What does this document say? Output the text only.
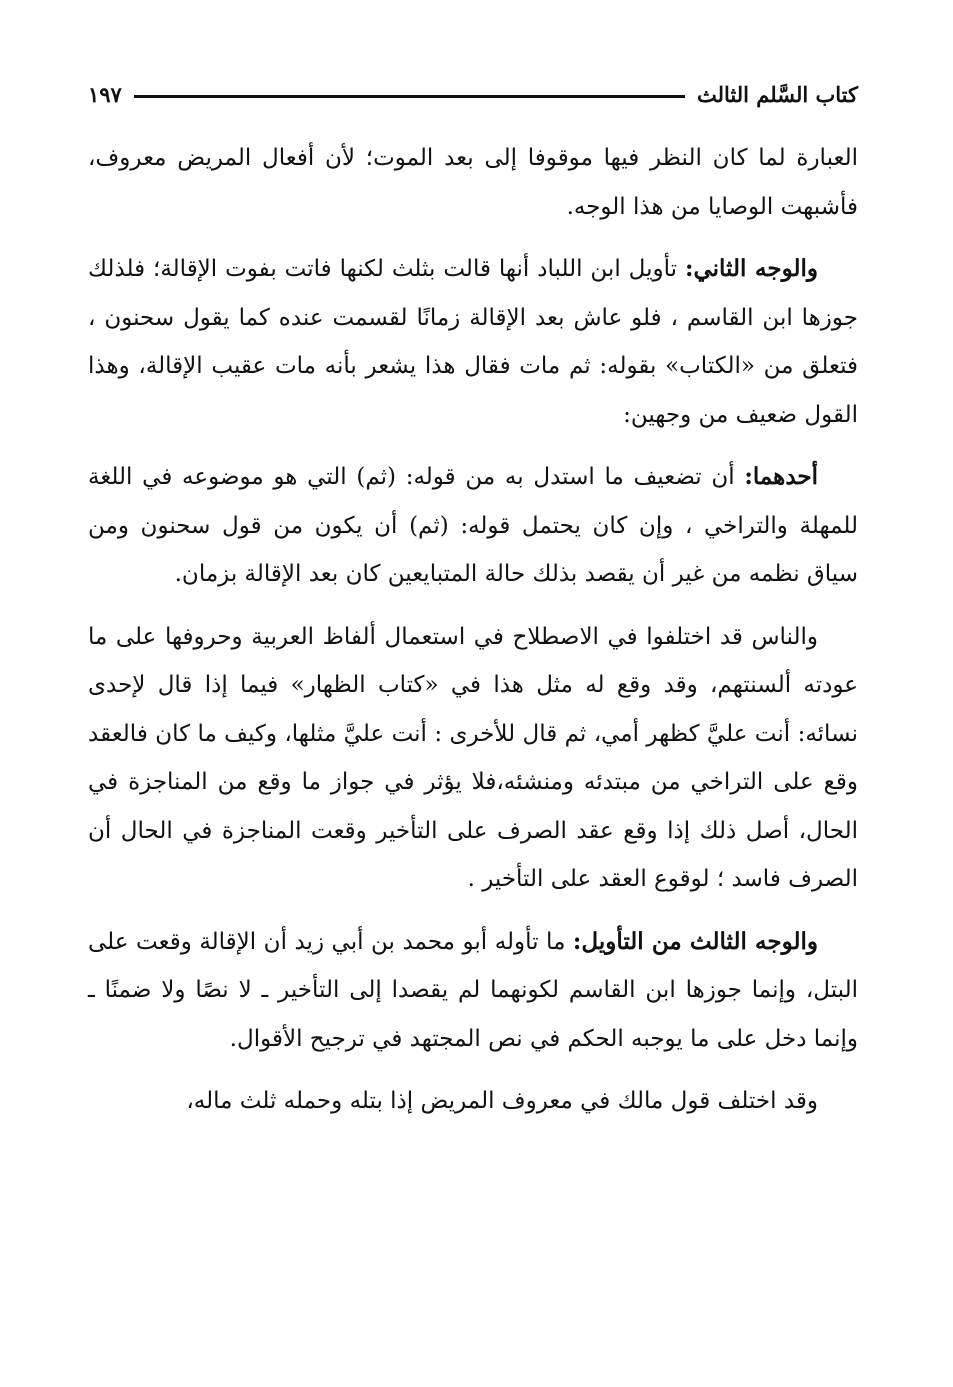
كتاب السَّلم الثالث
١٩٧

العبارة لما كان النظر فيها موقوفا إلى بعد الموت؛ لأن أفعال المريض معروف، فأشبهت الوصايا من هذا الوجه.

والوجه الثاني: تأويل ابن اللباد أنها قالت بثلث لكنها فاتت بفوت الإقالة؛ فلذلك جوزها ابن القاسم ، فلو عاش بعد الإقالة زمانًا لقسمت عنده كما يقول سحنون ، فتعلق من «الكتاب» بقوله: ثم مات فقال هذا يشعر بأنه مات عقيب الإقالة، وهذا القول ضعيف من وجهين:

أحدهما: أن تضعيف ما استدل به من قوله: (ثم) التي هو موضوعه في اللغة للمهلة والتراخي ، وإن كان يحتمل قوله: (ثم) أن يكون من قول سحنون ومن سياق نظمه من غير أن يقصد بذلك حالة المتبايعين كان بعد الإقالة بزمان.

والناس قد اختلفوا في الاصطلاح في استعمال ألفاظ العربية وحروفها على ما عودته ألسنتهم، وقد وقع له مثل هذا في «كتاب الظهار» فيما إذا قال لإحدى نسائه: أنت عليَّ كظهر أمي، ثم قال للأخرى : أنت عليَّ مثلها، وكيف ما كان فالعقد وقع على التراخي من مبتدئه ومنشئه،فلا يؤثر في جواز ما وقع من المناجزة في الحال، أصل ذلك إذا وقع عقد الصرف على التأخير وقعت المناجزة في الحال أن الصرف فاسد ؛ لوقوع العقد على التأخير .

والوجه الثالث من التأويل: ما تأوله أبو محمد بن أبي زيد أن الإقالة وقعت على البتل، وإنما جوزها ابن القاسم لكونهما لم يقصدا إلى التأخير ـ لا نصًا ولا ضمنًا ـ وإنما دخل على ما يوجبه الحكم في نص المجتهد في ترجيح الأقوال.

وقد اختلف قول مالك في معروف المريض إذا بتله وحمله ثلث ماله،
